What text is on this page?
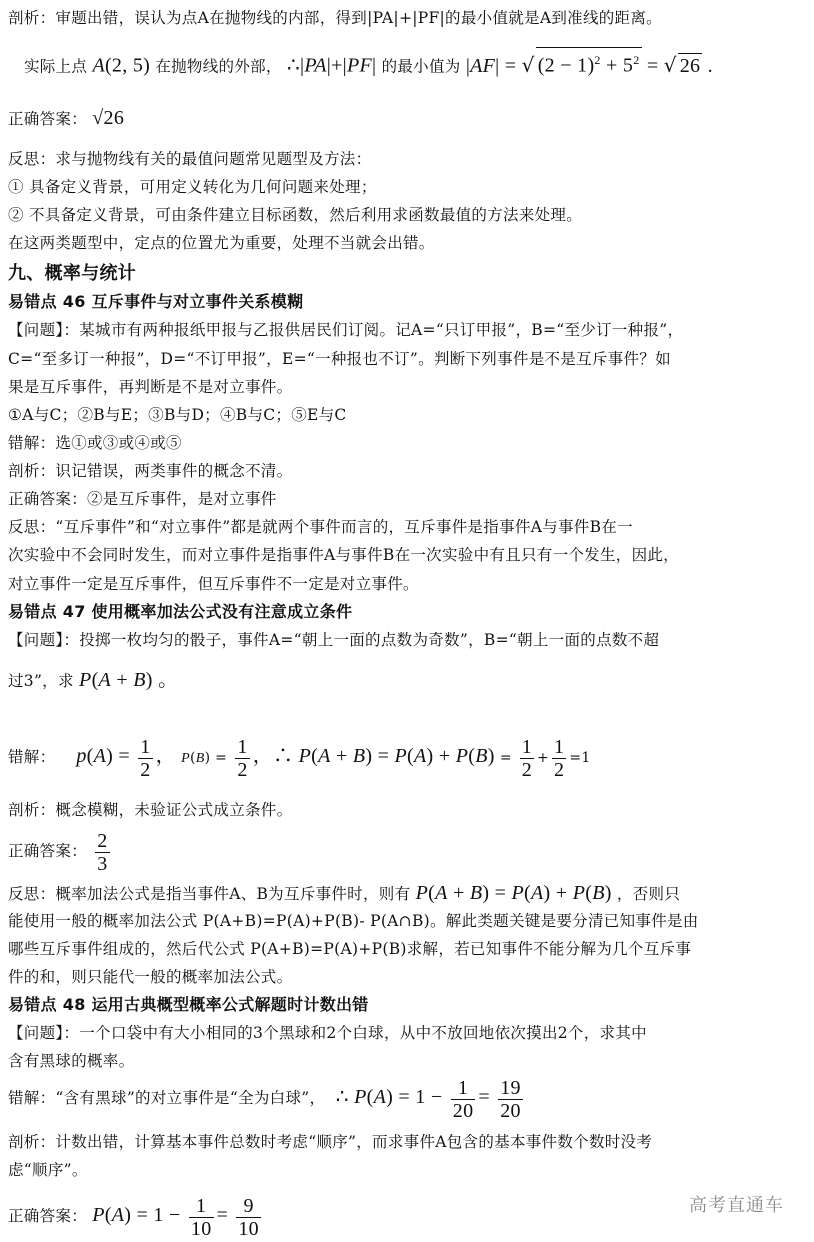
剖析：审题出错，误认为点A在抛物线的内部，得到|PA|+|PF|的最小值就是A到准线的距离。
实际上点 A(2, 5) 在抛物线的外部， ∴|PA|+|PF| 的最小值为 |AF| = √ $(2 - 1)^2 + 5^2$ = √ 26 .
正确答案： √26
反思：求与抛物线有关的最值问题常见题型及方法：
① 具备定义背景，可用定义转化为几何问题来处理；
② 不具备定义背景，可由条件建立目标函数，然后利用求函数最值的方法来处理。
在这两类题型中，定点的位置尤为重要，处理不当就会出错。
九、概率与统计
易错点 46 互斥事件与对立事件关系模糊
【问题】：某城市有两种报纸甲报与乙报供居民们订阅。记A=“只订甲报”，B=“至少订一种报”，
C=“至多订一种报”，D=“不订甲报”，E=“一种报也不订”。判断下列事件是不是互斥事件？如
果是互斥事件，再判断是不是对立事件。
①A与C；②B与E；③B与D；④B与C；⑤E与C
错解：选①或③或④或⑤
剖析：识记错误，两类事件的概念不清。
正确答案：②是互斥事件，是对立事件
反思：“互斥事件”和“对立事件”都是就两个事件而言的，互斥事件是指事件A与事件B在一
次实验中不会同时发生，而对立事件是指事件A与事件B在一次实验中有且只有一个发生，因此，
对立事件一定是互斥事件，但互斥事件不一定是对立事件。
易错点 47 使用概率加法公式没有注意成立条件
【问题】：投掷一枚均匀的骰子，事件A=“朝上一面的点数为奇数”，B=“朝上一面的点数不超
过3”，求 P(A + B) 。
错解： $p(A) = \frac{1}{2}$ ， $P(B) = \frac{1}{2}$ ，∴ $P(A + B) = P(A) + P(B) = \frac{1}{2} + \frac{1}{2} =1$
剖析：概念模糊，未验证公式成立条件。
正确答案： $\frac{2}{3}$
反思：概率加法公式是指当事件A、B为互斥事件时，则有 P(A + B) = P(A) + P(B) ，否则只
能使用一般的概率加法公式 P(A+B)=P(A)+P(B)- P(A∩B)。解此类题关键是要分清已知事件是由
哪些互斥事件组成的，然后代公式 P(A+B)=P(A)+P(B)求解，若已知事件不能分解为几个互斥事
件的和，则只能代一般的概率加法公式。
易错点 48 运用古典概型概率公式解题时计数出错
【问题】：一个口袋中有大小相同的3个黑球和2个白球，从中不放回地依次摸出2个，求其中
含有黑球的概率。
错解：“含有黑球”的对立事件是“全为白球”， ∴ $P(A) = 1 - \frac{1}{20} = \frac{19}{20}$
剖析：计数出错，计算基本事件总数时考虑“顺序”，而求事件A包含的基本事件数个数时没考
虑“顺序”。
正确答案： $P(A) = 1 - \frac{1}{10} = \frac{9}{10}$	高考直通车
